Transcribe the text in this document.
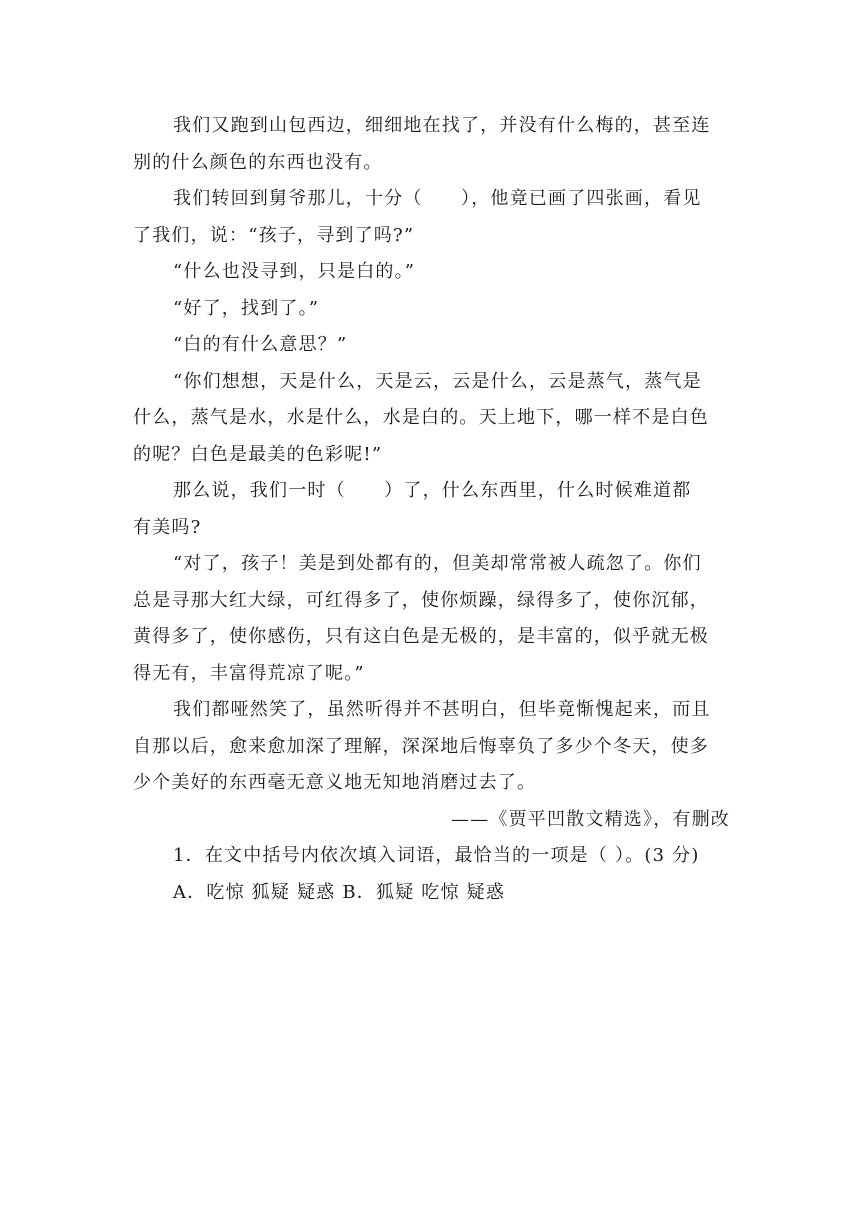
我们又跑到山包西边，细细地在找了，并没有什么梅的，甚至连
别的什么颜色的东西也没有。

我们转回到舅爷那儿，十分（　　），他竟已画了四张画，看见
了我们，说：“孩子，寻到了吗?”

“什么也没寻到，只是白的。”

“好了，找到了。”

“白的有什么意思？”

“你们想想，天是什么，天是云，云是什么，云是蒸气，蒸气是
什么，蒸气是水，水是什么，水是白的。天上地下，哪一样不是白色
的呢？白色是最美的色彩呢!”

那么说，我们一时（　　）了，什么东西里，什么时候难道都
有美吗?

“对了，孩子！美是到处都有的，但美却常常被人疏忽了。你们
总是寻那大红大绿，可红得多了，使你烦躁，绿得多了，使你沉郁，
黄得多了，使你感伤，只有这白色是无极的，是丰富的，似乎就无极
得无有，丰富得荒凉了呢。”

我们都哑然笑了，虽然听得并不甚明白，但毕竟惭愧起来，而且
自那以后，愈来愈加深了理解，深深地后悔辜负了多少个冬天，使多
少个美好的东西毫无意义地无知地消磨过去了。

——《贾平凹散文精选》，有删改

1．在文中括号内依次填入词语，最恰当的一项是（ ）。(3 分)

A．吃惊 狐疑 疑惑 B．狐疑 吃惊 疑惑
